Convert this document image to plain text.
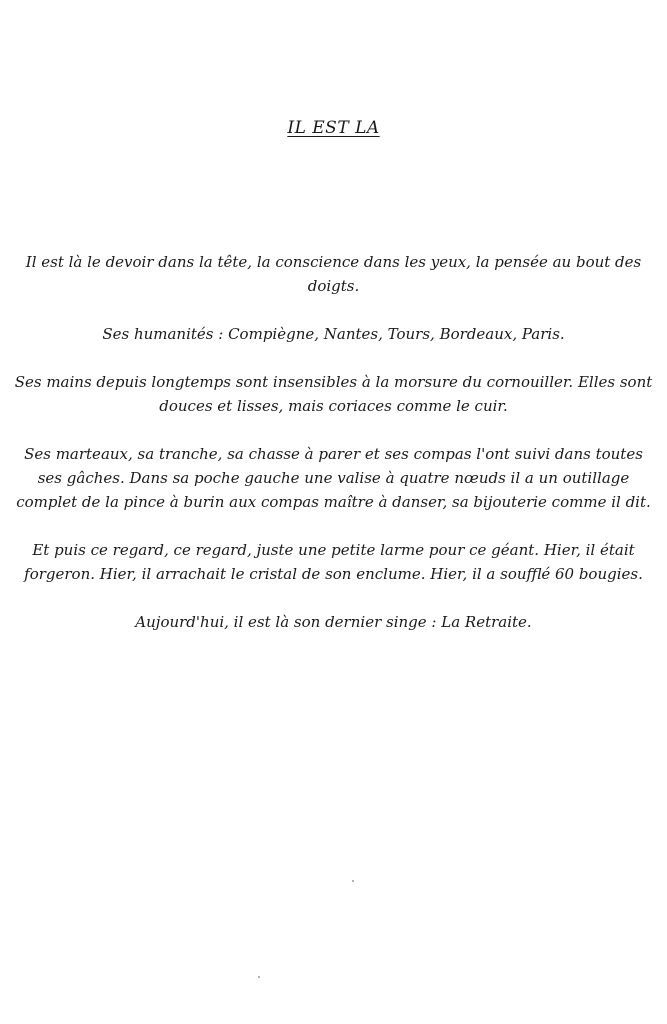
IL EST LA

Il est là le devoir dans la tête, la conscience dans les yeux, la pensée au bout des doigts.

Ses humanités : Compiègne, Nantes, Tours, Bordeaux, Paris.

Ses mains depuis longtemps sont insensibles à la morsure du cornouiller. Elles sont douces et lisses, mais coriaces comme le cuir.

Ses marteaux, sa tranche, sa chasse à parer et ses compas l'ont suivi dans toutes ses gâches. Dans sa poche gauche une valise à quatre nœuds il a un outillage complet de la pince à burin aux compas maître à danser, sa bijouterie comme il dit.

Et puis ce regard, ce regard, juste une petite larme pour ce géant. Hier, il était forgeron. Hier, il arrachait le cristal de son enclume. Hier, il a soufflé 60 bougies.

Aujourd'hui, il est là son dernier singe : La Retraite.
